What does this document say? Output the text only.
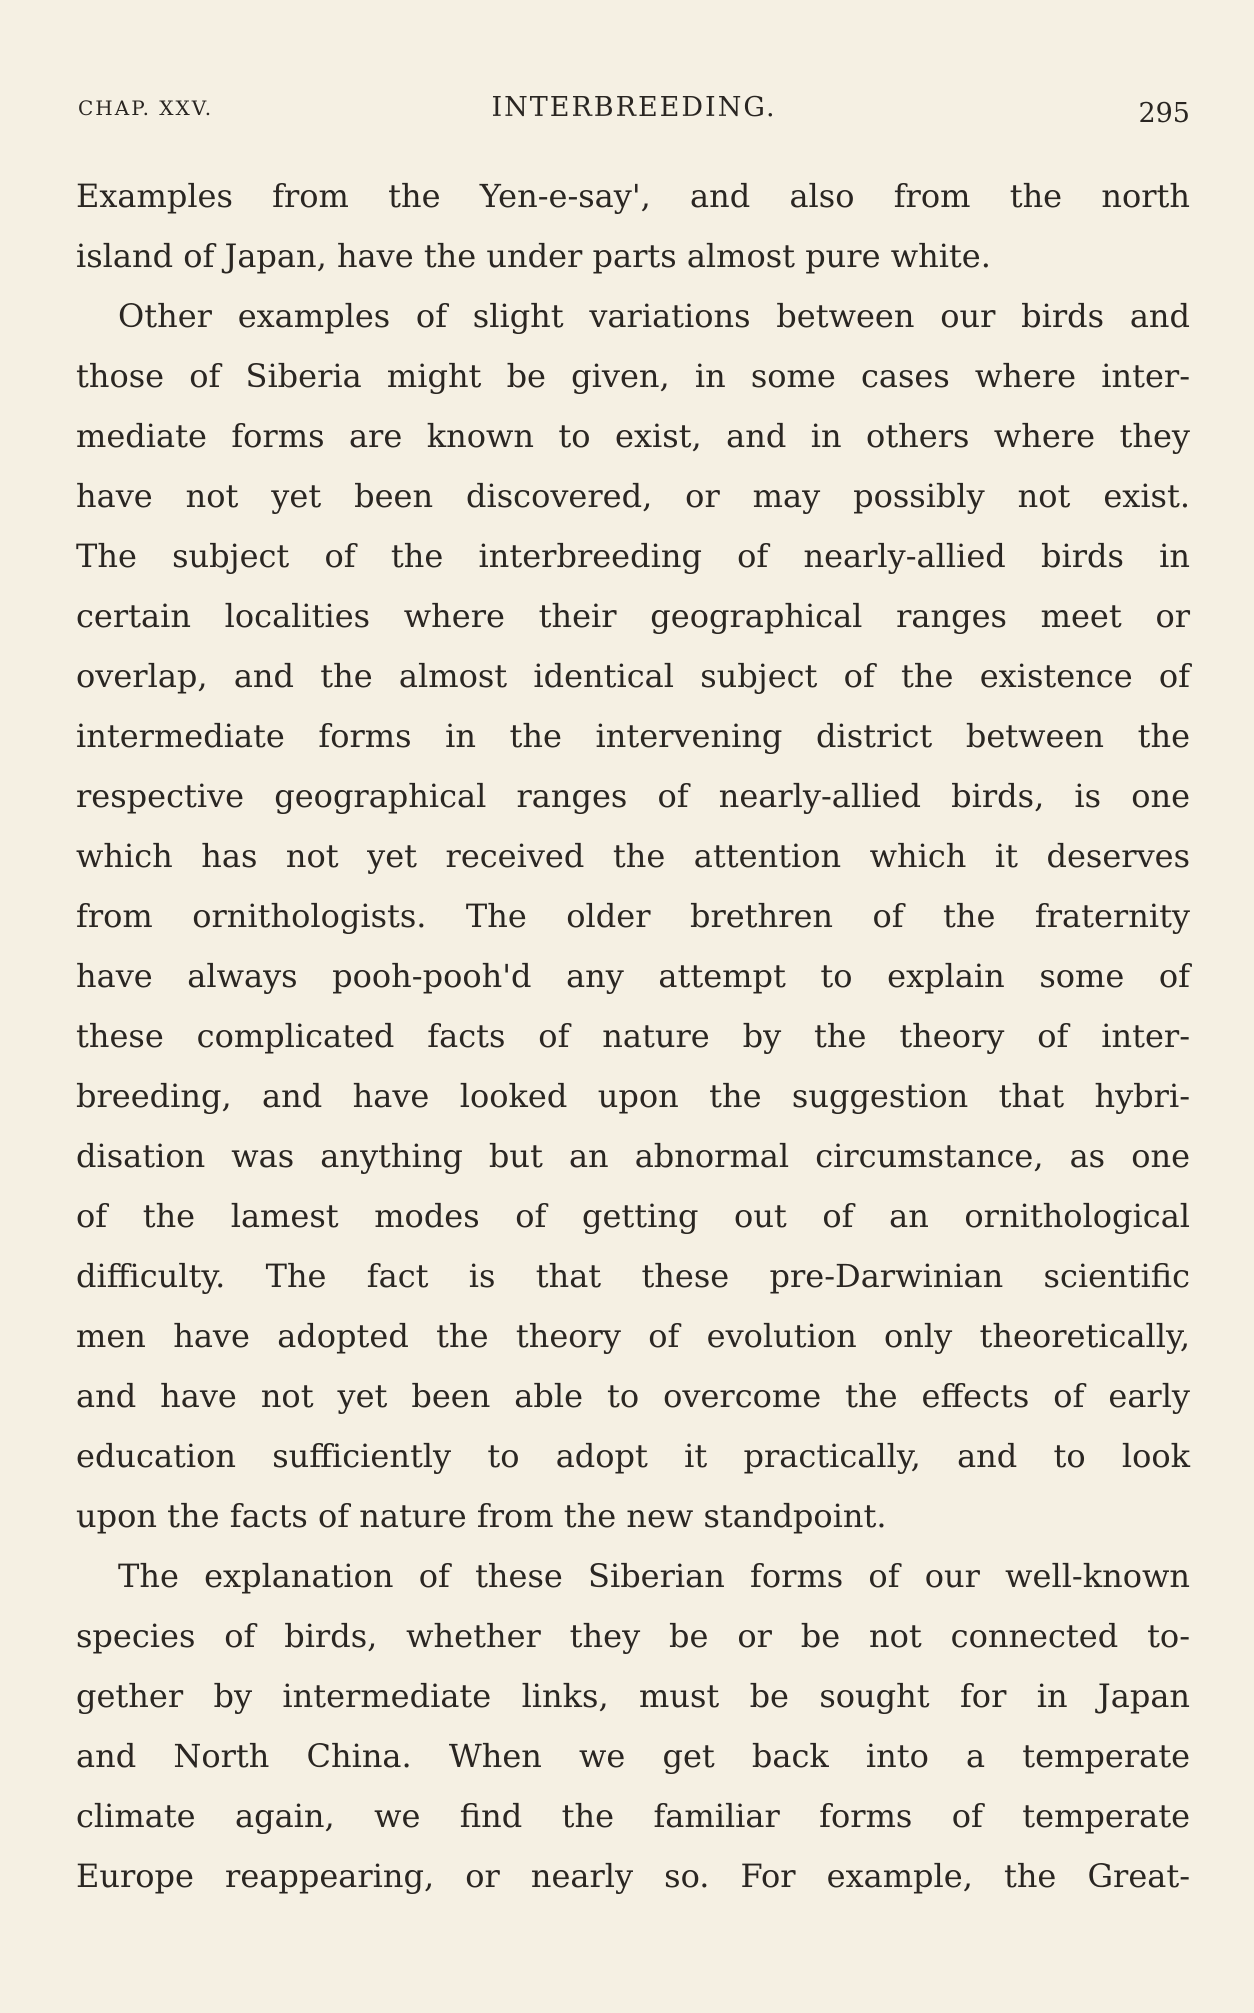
CHAP. XXV.	INTERBREEDING.	295
Examples from the Yen-e-say', and also from the north
island of Japan, have the under parts almost pure white.
Other examples of slight variations between our birds and
those of Siberia might be given, in some cases where inter-
mediate forms are known to exist, and in others where they
have not yet been discovered, or may possibly not exist.
The subject of the interbreeding of nearly-allied birds in
certain localities where their geographical ranges meet or
overlap, and the almost identical subject of the existence of
intermediate forms in the intervening district between the
respective geographical ranges of nearly-allied birds, is one
which has not yet received the attention which it deserves
from ornithologists. The older brethren of the fraternity
have always pooh-pooh'd any attempt to explain some of
these complicated facts of nature by the theory of inter-
breeding, and have looked upon the suggestion that hybri-
disation was anything but an abnormal circumstance, as one
of the lamest modes of getting out of an ornithological
difficulty. The fact is that these pre-Darwinian scientific
men have adopted the theory of evolution only theoretically,
and have not yet been able to overcome the effects of early
education sufficiently to adopt it practically, and to look
upon the facts of nature from the new standpoint.
The explanation of these Siberian forms of our well-known
species of birds, whether they be or be not connected to-
gether by intermediate links, must be sought for in Japan
and North China. When we get back into a temperate
climate again, we find the familiar forms of temperate
Europe reappearing, or nearly so. For example, the Great-
